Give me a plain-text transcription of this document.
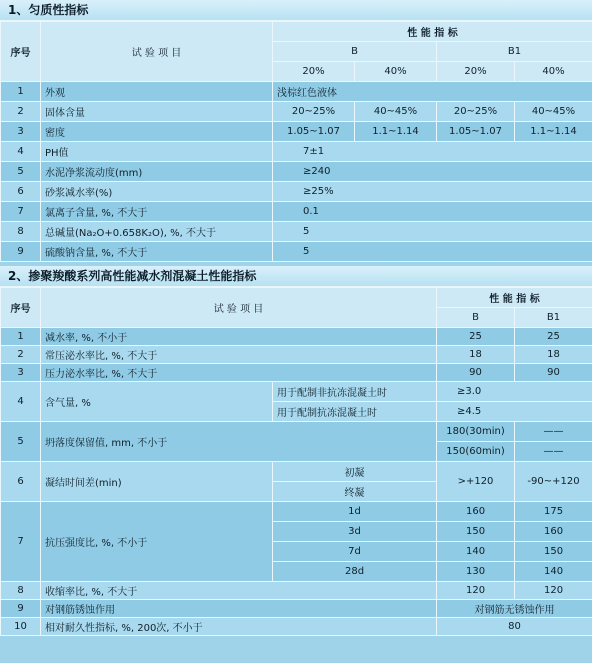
1、匀质性指标
序号	试 验 项 目	性 能 指 标			
		B		B1	
		20%	40%	20%	40%
1	外观	浅棕红色液体			
2	固体含量	20~25%	40~45%	20~25%	40~45%
3	密度	1.05~1.07	1.1~1.14	1.05~1.07	1.1~1.14
4	PH值	7±1			
5	水泥净浆流动度(mm)	≥240			
6	砂浆减水率(%)	≥25%			
7	氯离子含量, %, 不大于	0.1			
8	总碱量(Na₂O+0.658K₂O), %, 不大于	5			
9	硫酸钠含量, %, 不大于	5			
2、掺聚羧酸系列高性能减水剂混凝土性能指标
序号	试 验 项 目		性 能 指 标	
			B	B1
1	减水率, %, 不小于		25	25
2	常压泌水率比, %, 不大于		18	18
3	压力泌水率比, %, 不大于		90	90
4	含气量, %	用于配制非抗冻混凝土时	≥3.0	
		用于配制抗冻混凝土时	≥4.5	
5	坍落度保留值, mm, 不小于		180(30min)	——
			150(60min)	——
6	凝结时间差(min)	初凝	>+120	-90~+120
		终凝		
7	抗压强度比, %, 不小于	1d	160	175
		3d	150	160
		7d	140	150
		28d	130	140
8	收缩率比, %, 不大于		120	120
9	对钢筋锈蚀作用		对钢筋无锈蚀作用	
10	相对耐久性指标, %, 200次, 不小于		80	
